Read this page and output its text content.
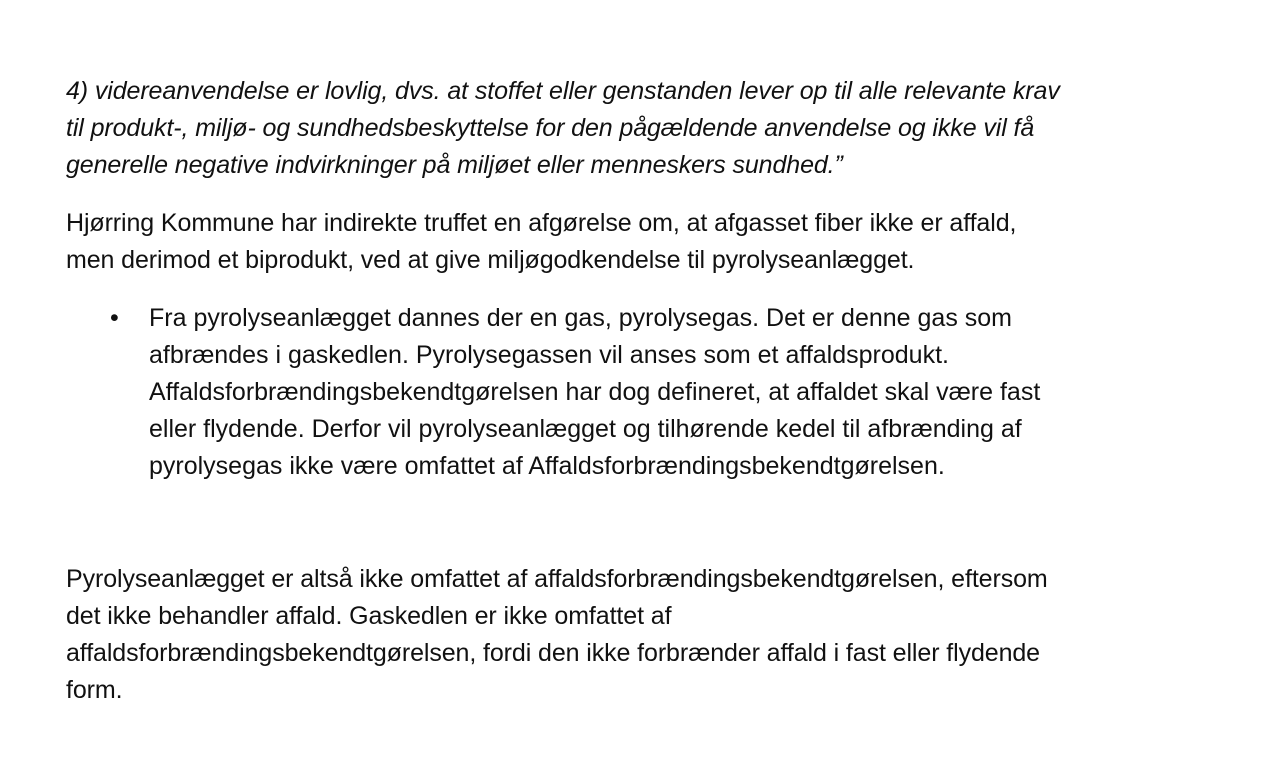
4) videreanvendelse er lovlig, dvs. at stoffet eller genstanden lever op til alle relevante krav
til produkt-, miljø- og sundhedsbeskyttelse for den pågældende anvendelse og ikke vil få
generelle negative indvirkninger på miljøet eller menneskers sundhed.”

Hjørring Kommune har indirekte truffet en afgørelse om, at afgasset fiber ikke er affald,
men derimod et biprodukt, ved at give miljøgodkendelse til pyrolyseanlægget.

• Fra pyrolyseanlægget dannes der en gas, pyrolysegas. Det er denne gas som
afbrændes i gaskedlen. Pyrolysegassen vil anses som et affaldsprodukt.
Affaldsforbrændingsbekendtgørelsen har dog defineret, at affaldet skal være fast
eller flydende. Derfor vil pyrolyseanlægget og tilhørende kedel til afbrænding af
pyrolysegas ikke være omfattet af Affaldsforbrændingsbekendtgørelsen.

Pyrolyseanlægget er altså ikke omfattet af affaldsforbrændingsbekendtgørelsen, eftersom
det ikke behandler affald. Gaskedlen er ikke omfattet af
affaldsforbrændingsbekendtgørelsen, fordi den ikke forbrænder affald i fast eller flydende
form.
